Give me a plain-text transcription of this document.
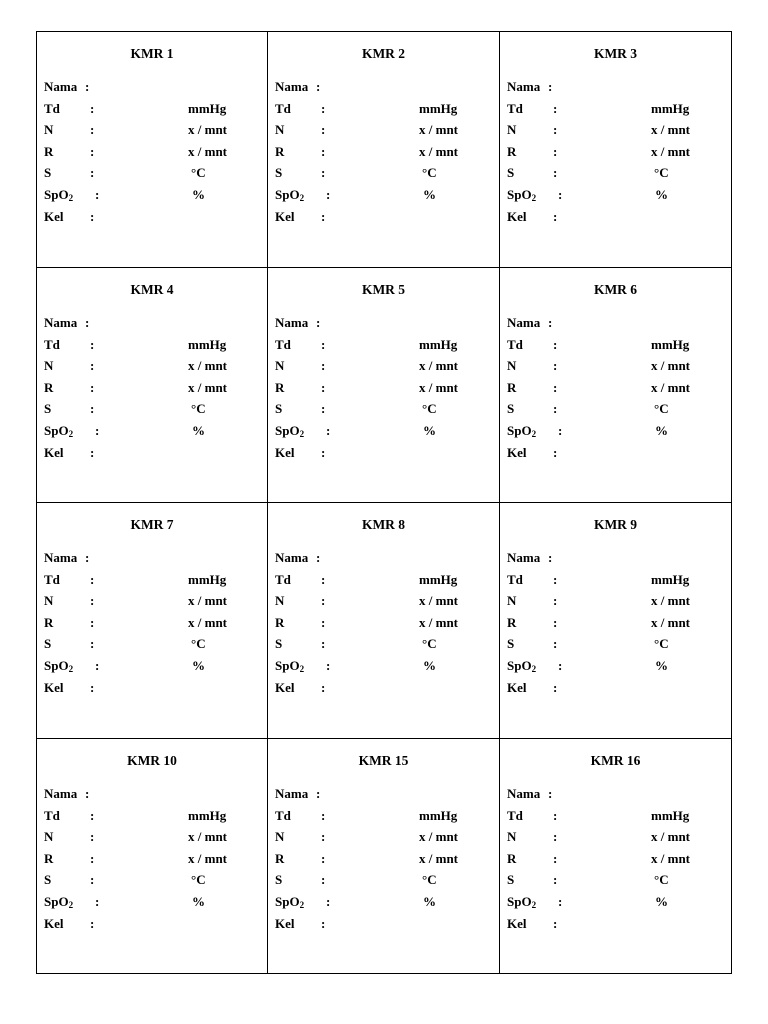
KMR 1
Nama :
Td :	mmHg
N	:	x / mnt
R	:	x / mnt
S	:	°C
SpO$_2$ :	%
Kel :
KMR 2
Nama :
Td :	mmHg
N	:	x / mnt
R	:	x / mnt
S	:	°C
SpO$_2$ :	%
Kel :
KMR 3
Nama :
Td :	mmHg
N	:	x / mnt
R	:	x / mnt
S	:	°C
SpO$_2$ :	%
Kel :
KMR 4
Nama :
Td :	mmHg
N	:	x / mnt
R	:	x / mnt
S	:	°C
SpO$_2$ :	%
Kel :
KMR 5
Nama :
Td :	mmHg
N	:	x / mnt
R	:	x / mnt
S	:	°C
SpO$_2$ :	%
Kel :
KMR 6
Nama :
Td :	mmHg
N	:	x / mnt
R	:	x / mnt
S	:	°C
SpO$_2$ :	%
Kel :
KMR 7
Nama :
Td :	mmHg
N	:	x / mnt
R	:	x / mnt
S	:	°C
SpO$_2$ :	%
Kel :
KMR 8
Nama :
Td :	mmHg
N	:	x / mnt
R	:	x / mnt
S	:	°C
SpO$_2$ :	%
Kel :
KMR 9
Nama :
Td :	mmHg
N	:	x / mnt
R	:	x / mnt
S	:	°C
SpO$_2$ :	%
Kel :
KMR 10
Nama :
Td :	mmHg
N	:	x / mnt
R	:	x / mnt
S	:	°C
SpO$_2$ :	%
Kel :
KMR 15
Nama :
Td :	mmHg
N	:	x / mnt
R	:	x / mnt
S	:	°C
SpO$_2$ :	%
Kel :
KMR 16
Nama :
Td :	mmHg
N	:	x / mnt
R	:	x / mnt
S	:	°C
SpO$_2$ :	%
Kel :
